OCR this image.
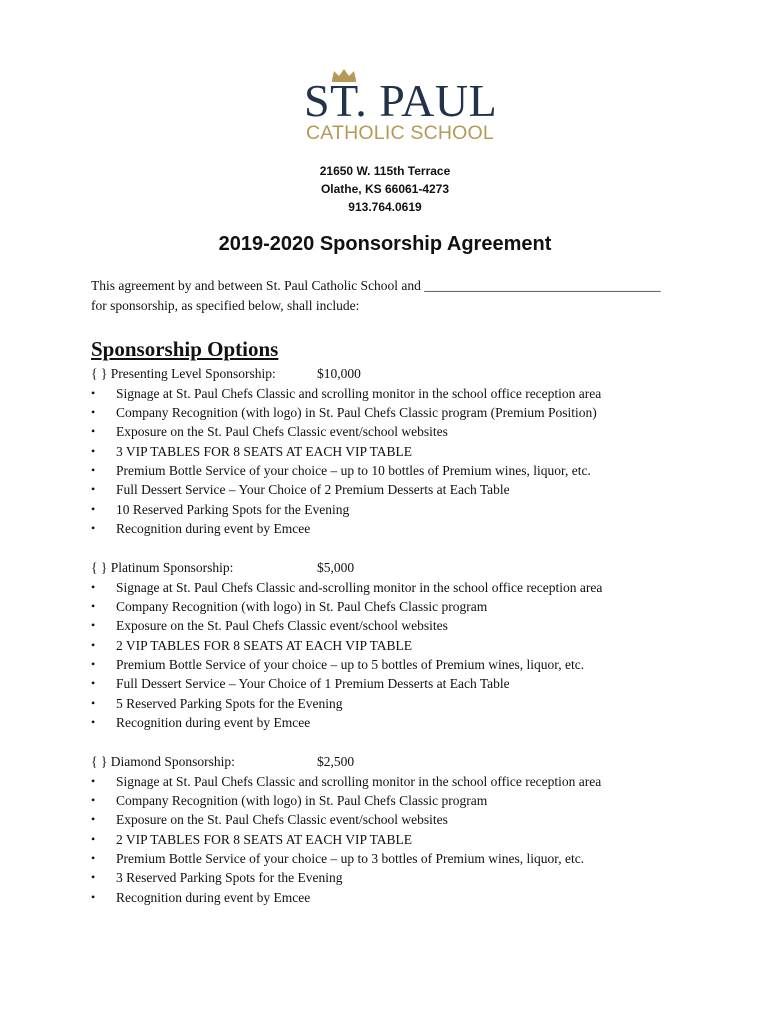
ST. PAUL

CATHOLIC SCHOOL

21650 W. 115th Terrace

Olathe, KS 66061-4273

913.764.0619

2019-2020 Sponsorship Agreement
This agreement by and between St. Paul Catholic School and ___________________________________
for sponsorship, as specified below, shall include:
Sponsorship Options
{ } Presenting Level Sponsorship:	$10,000
• Signage at St. Paul Chefs Classic and scrolling monitor in the school office reception area
• Company Recognition (with logo) in St. Paul Chefs Classic program (Premium Position)
• Exposure on the St. Paul Chefs Classic event/school websites
• 3 VIP TABLES FOR 8 SEATS AT EACH VIP TABLE
• Premium Bottle Service of your choice – up to 10 bottles of Premium wines, liquor, etc.
• Full Dessert Service – Your Choice of 2 Premium Desserts at Each Table
• 10 Reserved Parking Spots for the Evening
• Recognition during event by Emcee
{ } Platinum Sponsorship:	$5,000
• Signage at St. Paul Chefs Classic and-scrolling monitor in the school office reception area
• Company Recognition (with logo) in St. Paul Chefs Classic program
• Exposure on the St. Paul Chefs Classic event/school websites
• 2 VIP TABLES FOR 8 SEATS AT EACH VIP TABLE
• Premium Bottle Service of your choice – up to 5 bottles of Premium wines, liquor, etc.
• Full Dessert Service – Your Choice of 1 Premium Desserts at Each Table
• 5 Reserved Parking Spots for the Evening
• Recognition during event by Emcee
{ } Diamond Sponsorship:	$2,500
• Signage at St. Paul Chefs Classic and scrolling monitor in the school office reception area
• Company Recognition (with logo) in St. Paul Chefs Classic program
• Exposure on the St. Paul Chefs Classic event/school websites
• 2 VIP TABLES FOR 8 SEATS AT EACH VIP TABLE
• Premium Bottle Service of your choice – up to 3 bottles of Premium wines, liquor, etc.
• 3 Reserved Parking Spots for the Evening
• Recognition during event by Emcee
